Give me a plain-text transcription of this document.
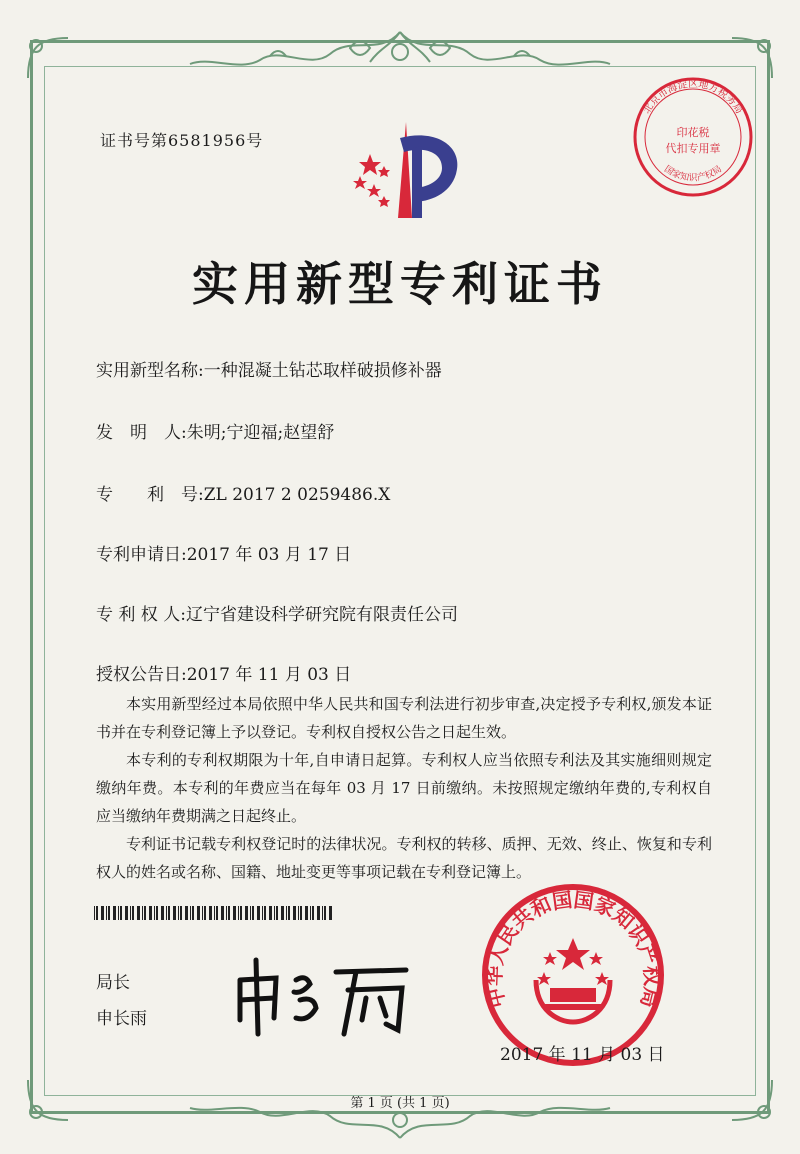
证书号第6581956号
北京市海淀区地方税务局
国家知识产权局
印花税
代扣专用章
实用新型专利证书
实用新型名称:一种混凝土钻芯取样破损修补器
发　明　人:朱明;宁迎福;赵望舒
专　　利　号:ZL 2017 2 0259486.X
专利申请日:2017 年 03 月 17 日
专 利 权 人:辽宁省建设科学研究院有限责任公司
授权公告日:2017 年 11 月 03 日

本实用新型经过本局依照中华人民共和国专利法进行初步审查,决定授予专利权,颁发本证书并在专利登记簿上予以登记。专利权自授权公告之日起生效。

本专利的专利权期限为十年,自申请日起算。专利权人应当依照专利法及其实施细则规定缴纳年费。本专利的年费应当在每年 03 月 17 日前缴纳。未按照规定缴纳年费的,专利权自应当缴纳年费期满之日起终止。

专利证书记载专利权登记时的法律状况。专利权的转移、质押、无效、终止、恢复和专利权人的姓名或名称、国籍、地址变更等事项记载在专利登记簿上。

局长
申长雨
中华人民共和国国家知识产权局
2017 年 11 月 03 日
第 1 页 (共 1 页)
